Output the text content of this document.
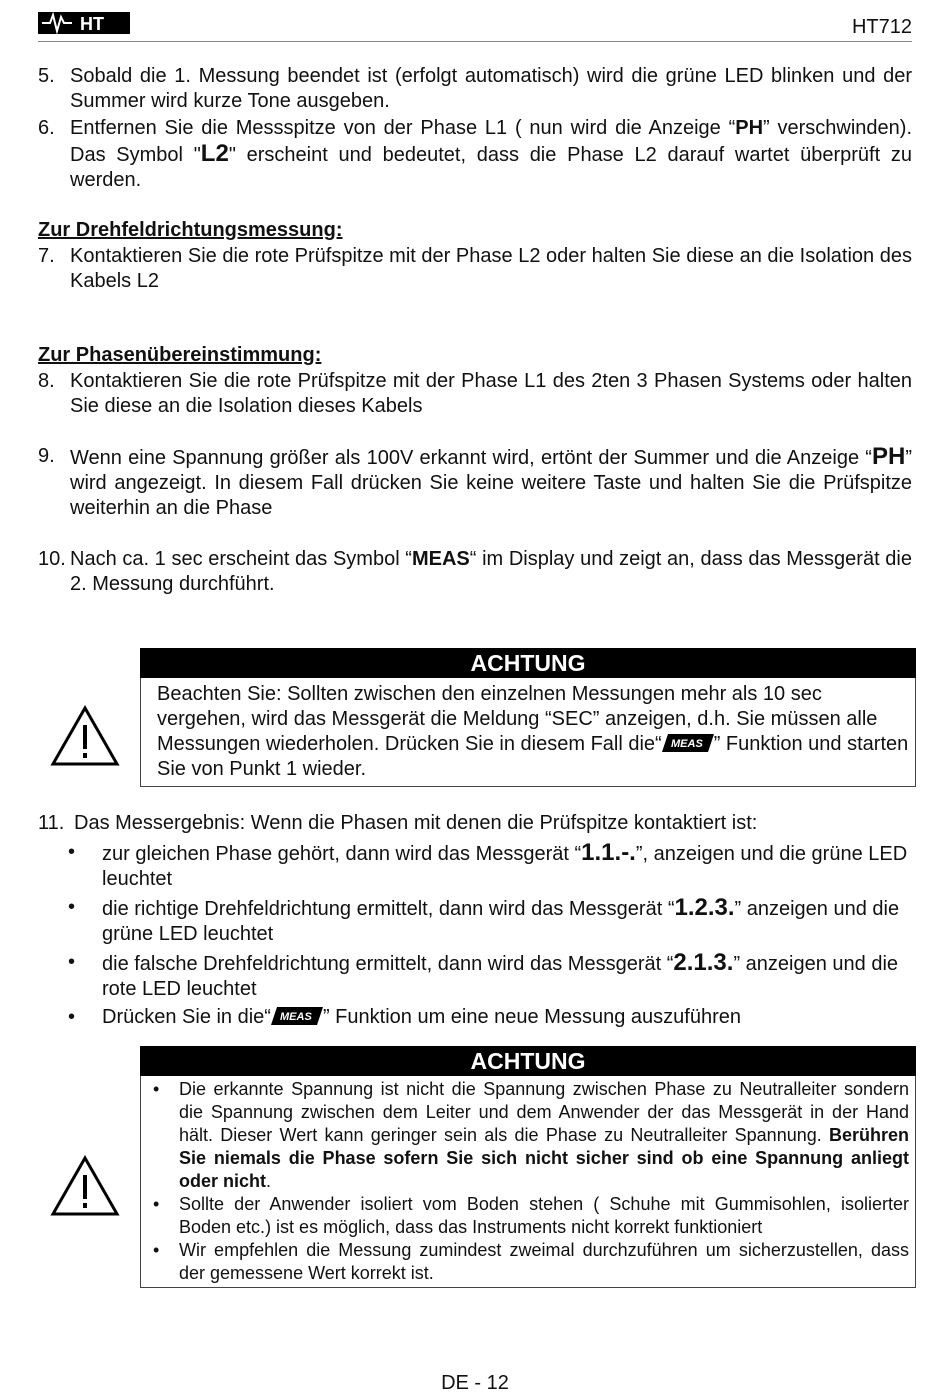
HT	HT712
5. Sobald die 1. Messung beendet ist (erfolgt automatisch) wird die grüne LED blinken und der Summer wird kurze Tone ausgeben.
6. Entfernen Sie die Messspitze von der Phase L1 ( nun wird die Anzeige “PH” verschwinden). Das Symbol "L2" erscheint und bedeutet, dass die Phase L2 darauf wartet überprüft zu werden.
Zur Drehfeldrichtungsmessung:
7. Kontaktieren Sie die rote Prüfspitze mit der Phase L2 oder halten Sie diese an die Isolation des Kabels L2
Zur Phasenübereinstimmung:
8. Kontaktieren Sie die rote Prüfspitze mit der Phase L1 des 2ten 3 Phasen Systems oder halten Sie diese an die Isolation dieses Kabels
9. Wenn eine Spannung größer als 100V erkannt wird, ertönt der Summer und die Anzeige “PH” wird angezeigt. In diesem Fall drücken Sie keine weitere Taste und halten Sie die Prüfspitze weiterhin an die Phase
10. Nach ca. 1 sec erscheint das Symbol “MEAS“ im Display und zeigt an, dass das Messgerät die 2. Messung durchführt.
ACHTUNG
Beachten Sie: Sollten zwischen den einzelnen Messungen mehr als 10 sec vergehen, wird das Messgerät die Meldung “SEC” anzeigen, d.h. Sie müssen alle Messungen wiederholen. Drücken Sie in diesem Fall die“ MEAS ” Funktion und starten Sie von Punkt 1 wieder.
11. Das Messergebnis: Wenn die Phasen mit denen die Prüfspitze kontaktiert ist:
• zur gleichen Phase gehört, dann wird das Messgerät “1.1.-.”, anzeigen und die grüne LED leuchtet
• die richtige Drehfeldrichtung ermittelt, dann wird das Messgerät “1.2.3.” anzeigen und die grüne LED leuchtet
• die falsche Drehfeldrichtung ermittelt, dann wird das Messgerät “2.1.3.” anzeigen und die rote LED leuchtet
• Drücken Sie in die“ MEAS ” Funktion um eine neue Messung auszuführen
ACHTUNG
• Die erkannte Spannung ist nicht die Spannung zwischen Phase zu Neutralleiter sondern die Spannung zwischen dem Leiter und dem Anwender der das Messgerät in der Hand hält. Dieser Wert kann geringer sein als die Phase zu Neutralleiter Spannung. Berühren Sie niemals die Phase sofern Sie sich nicht sicher sind ob eine Spannung anliegt oder nicht.
• Sollte der Anwender isoliert vom Boden stehen ( Schuhe mit Gummisohlen, isolierter Boden etc.) ist es möglich, dass das Instruments nicht korrekt funktioniert
• Wir empfehlen die Messung zumindest zweimal durchzuführen um sicherzustellen, dass der gemessene Wert korrekt ist.
DE - 12
